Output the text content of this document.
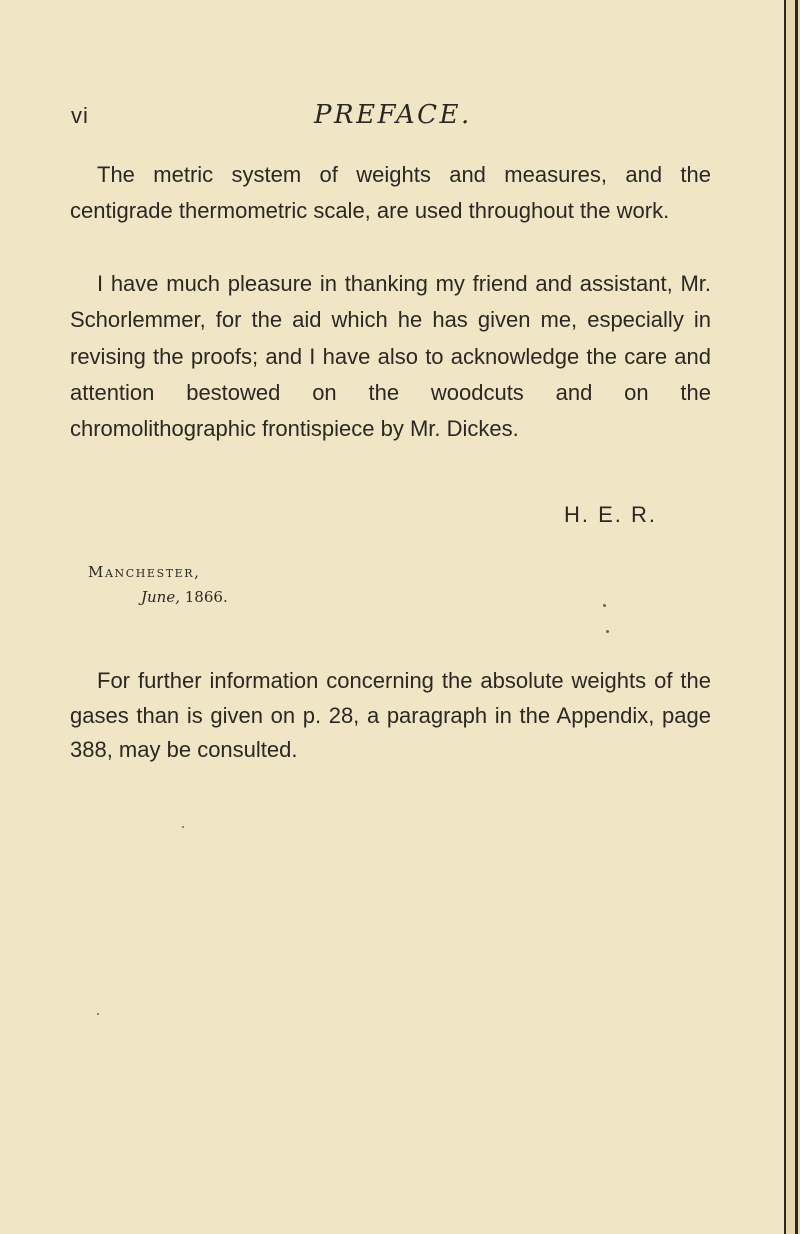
vi	PREFACE.

The metric system of weights and measures, and the centigrade thermometric scale, are used throughout the work.

I have much pleasure in thanking my friend and assistant, Mr. Schorlemmer, for the aid which he has given me, especially in revising the proofs; and I have also to acknowledge the care and attention bestowed on the woodcuts and on the chromolithographic frontispiece by Mr. Dickes.

H. E. R.
Manchester,
June, 1866.

For further information concerning the absolute weights of the gases than is given on p. 28, a paragraph in the Appendix, page 388, may be consulted.
